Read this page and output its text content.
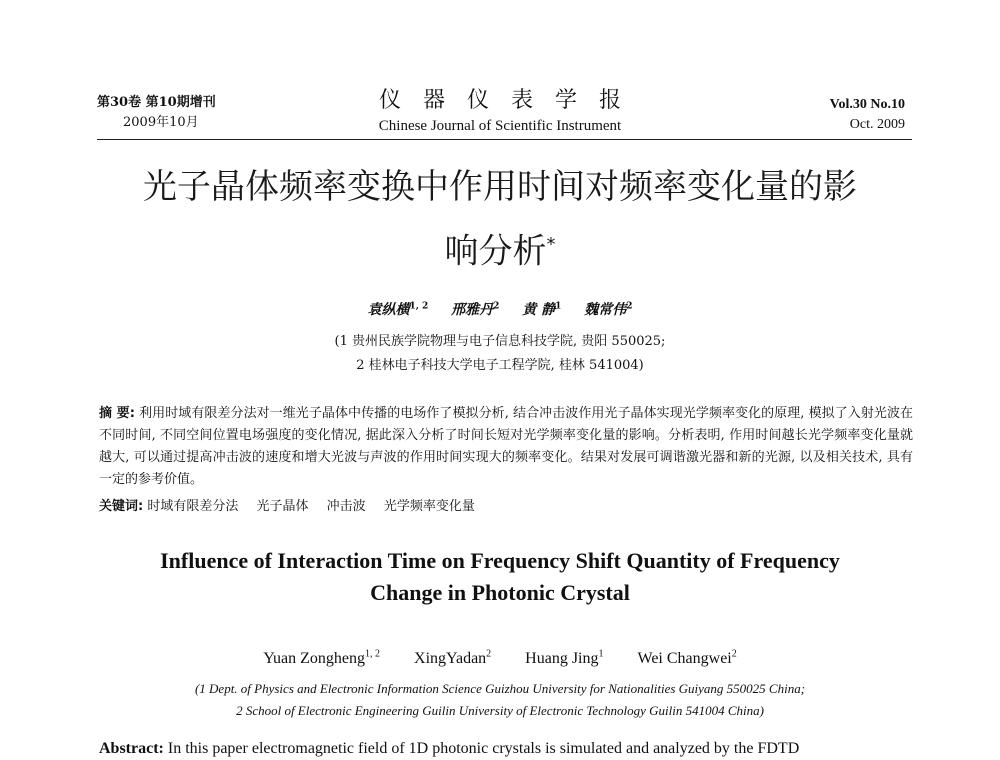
第30卷 第10期增刊
2009年10月
仪器仪表学报
Chinese Journal of Scientific Instrument
Vol.30 No.10
Oct. 2009
光子晶体频率变换中作用时间对频率变化量的影
响分析*
袁纵横$^{1, 2}$ 邢雅丹$^2$ 黄 静$^1$ 魏常伟$^2$
(1 贵州民族学院物理与电子信息科技学院, 贵阳 550025;
2 桂林电子科技大学电子工程学院, 桂林 541004)
摘 要: 利用时域有限差分法对一维光子晶体中传播的电场作了模拟分析, 结合冲击波作用光子晶体实现光学频率变化的原理, 模拟了入射光波在不同时间, 不同空间位置电场强度的变化情况, 据此深入分析了时间长短对光学频率变化量的影响。分析表明, 作用时间越长光学频率变化量就越大, 可以通过提高冲击波的速度和增大光波与声波的作用时间实现大的频率变化。结果对发展可调谐激光器和新的光源, 以及相关技术, 具有一定的参考价值。
关键词: 时域有限差分法 光子晶体 冲击波 光学频率变化量
Influence of Interaction Time on Frequency Shift Quantity of Frequency
Change in Photonic Crystal
Yuan Zongheng$^{1, 2}$ XingYadan$^2$ Huang Jing$^1$ Wei Changwei$^2$
(1 Dept. of Physics and Electronic Information Science Guizhou University for Nationalities Guiyang 550025 China;
2 School of Electronic Engineering Guilin University of Electronic Technology Guilin 541004 China)
Abstract: In this paper electromagnetic field of 1D photonic crystals is simulated and analyzed by the FDTD
